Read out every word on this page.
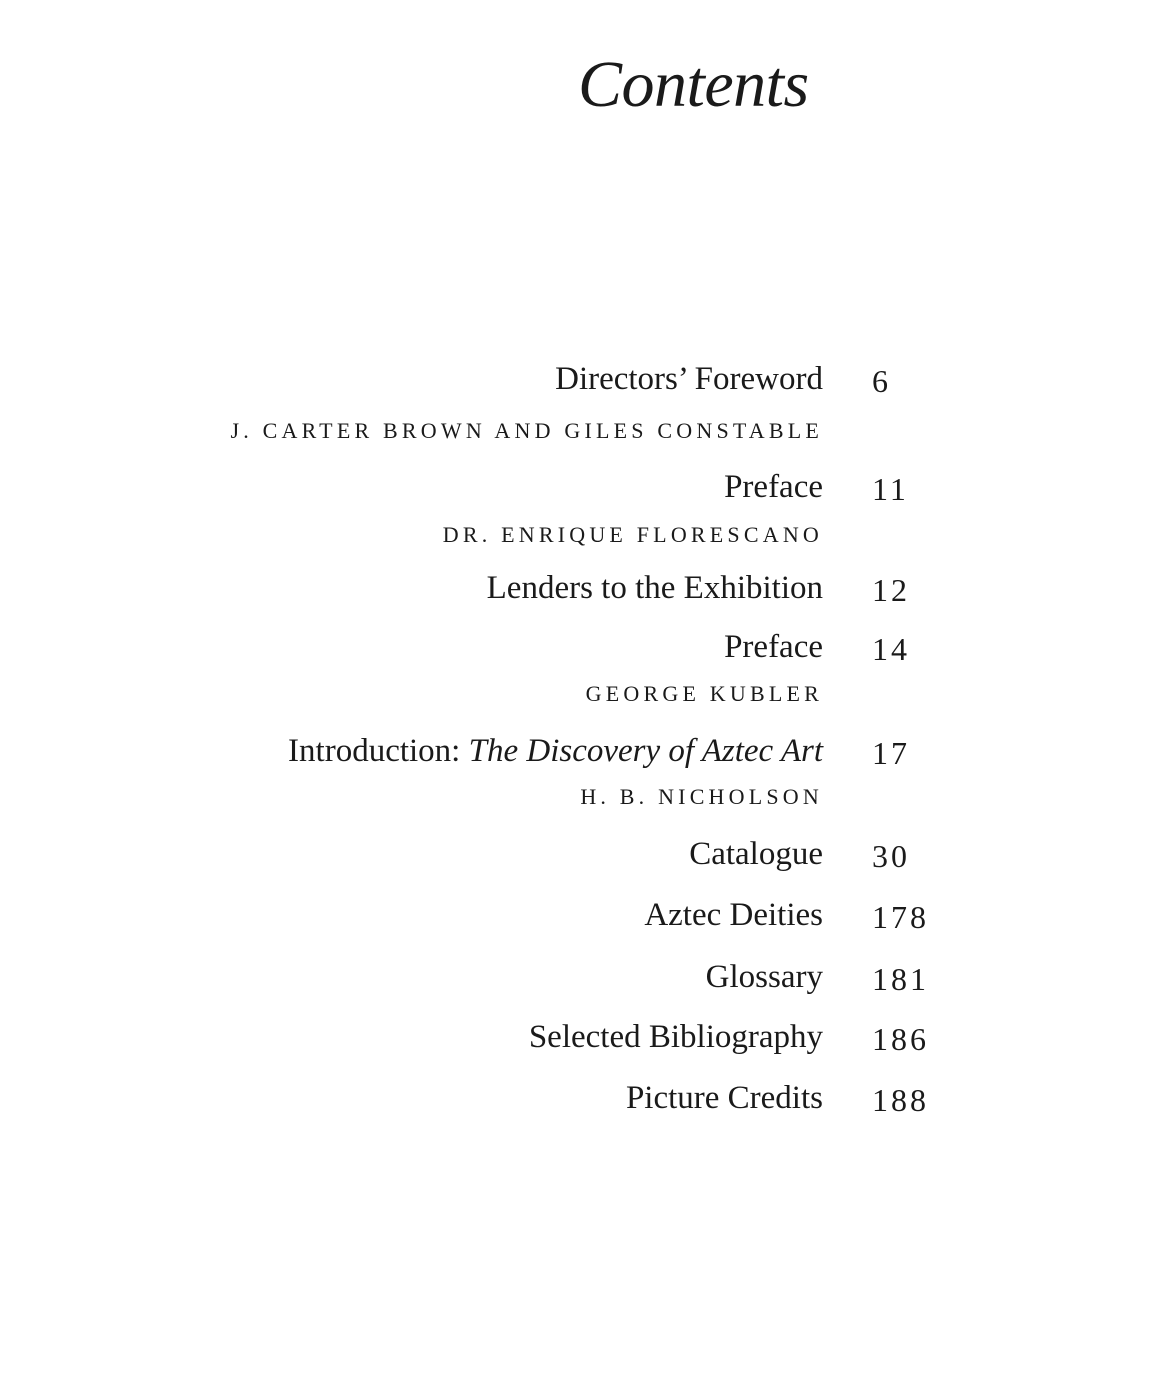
Contents
Directors’ Foreword 6
J. CARTER BROWN AND GILES CONSTABLE
Preface 11
DR. ENRIQUE FLORESCANO
Lenders to the Exhibition 12
Preface 14
GEORGE KUBLER
Introduction: The Discovery of Aztec Art 17
H. B. NICHOLSON
Catalogue 30
Aztec Deities 178
Glossary 181
Selected Bibliography 186
Picture Credits 188
